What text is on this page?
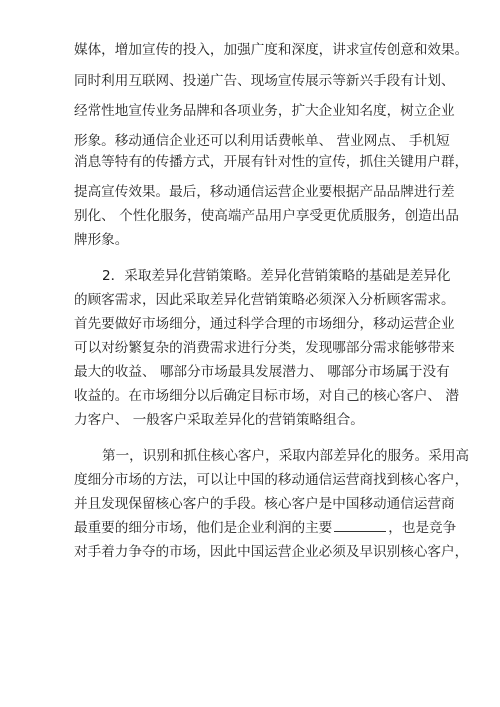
媒体，增加宣传的投入，加强广度和深度，讲求宣传创意和效果。
同时利用互联网、投递广告、现场宣传展示等新兴手段有计划、
经常性地宣传业务品牌和各项业务，扩大企业知名度，树立企业
形象。移动通信企业还可以利用话费帐单、 营业网点、 手机短
消息等特有的传播方式，开展有针对性的宣传，抓住关键用户群，
提高宣传效果。最后，移动通信运营企业要根据产品品牌进行差
别化、 个性化服务，使高端产品用户享受更优质服务，创造出品
牌形象。
2．采取差异化营销策略。差异化营销策略的基础是差异化
的顾客需求，因此采取差异化营销策略必须深入分析顾客需求。
首先要做好市场细分，通过科学合理的市场细分，移动运营企业
可以对纷繁复杂的消费需求进行分类，发现哪部分需求能够带来
最大的收益、 哪部分市场最具发展潜力、 哪部分市场属于没有
收益的。在市场细分以后确定目标市场，对自己的核心客户、 潜
力客户、 一般客户采取差异化的营销策略组合。
第一，识别和抓住核心客户，采取内部差异化的服务。采用高
度细分市场的方法，可以让中国的移动通信运营商找到核心客户，
并且发现保留核心客户的手段。核心客户是中国移动通信运营商
最重要的细分市场，他们是企业利润的主要	，也是竞争
对手着力争夺的市场，因此中国运营企业必须及早识别核心客户，
